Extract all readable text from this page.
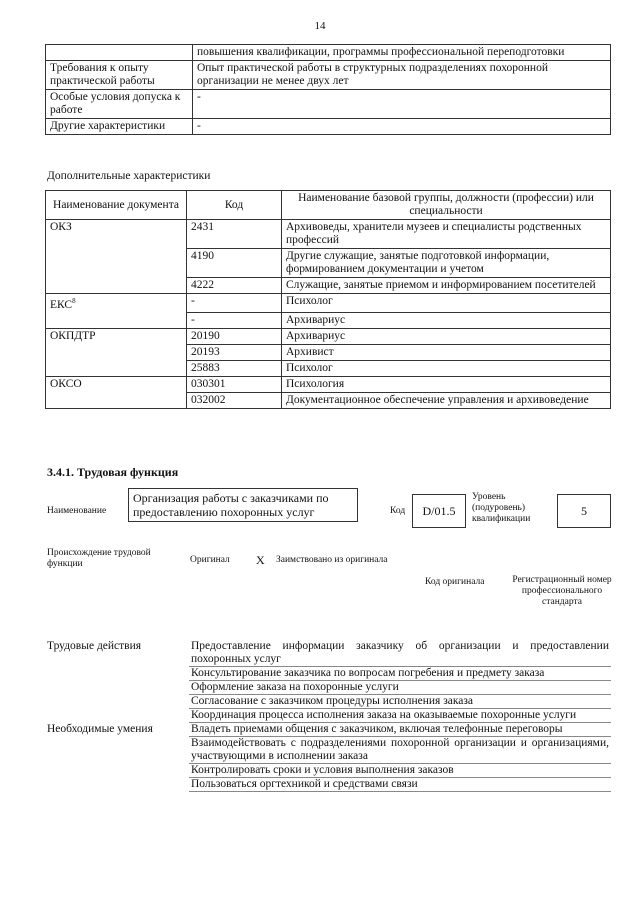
14
	повышения квалификации, программы профессиональной переподготовки
Требования к опыту практической работы	Опыт практической работы в структурных подразделениях похоронной организации не менее двух лет
Особые условия допуска к работе	-
Другие характеристики	-
Дополнительные характеристики
Наименование документа	Код	Наименование базовой группы, должности (профессии) или специальности
ОКЗ	2431	Архивоведы, хранители музеев и специалисты родственных профессий
	4190	Другие служащие, занятые подготовкой информации, формированием документации и учетом
	4222	Служащие, занятые приемом и информированием посетителей
ЕКС$^8$	-	Психолог
	-	Архивариус
ОКПДТР	20190	Архивариус
	20193	Архивист
	25883	Психолог
ОКСО	030301	Психология
	032002	Документационное обеспечение управления и архивоведение
3.4.1. Трудовая функция
Наименование
Организация работы с заказчиками по предоставлению похоронных услуг	Код	D/01.5
Уровень (подуровень) квалификации
5
Происхождение трудовой функции	Оригинал X Заимствовано из оригинала
Код оригинала	Регистрационный номер профессионального стандарта
Трудовые действия	Предоставление информации заказчику об организации и предоставлении похоронных услуг
	Консультирование заказчика по вопросам погребения и предмету заказа
	Оформление заказа на похоронные услуги
	Согласование с заказчиком процедуры исполнения заказа
	Координация процесса исполнения заказа на оказываемые похоронные услуги
Необходимые умения	Владеть приемами общения с заказчиком, включая телефонные переговоры
	Взаимодействовать с подразделениями похоронной организации и организациями, участвующими в исполнении заказа
	Контролировать сроки и условия выполнения заказов
	Пользоваться оргтехникой и средствами связи
